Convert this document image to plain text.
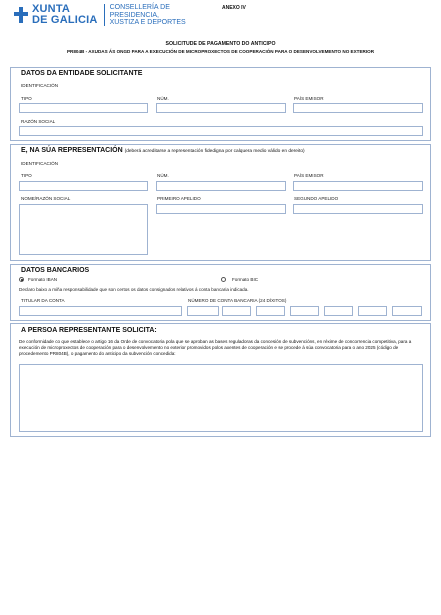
XUNTA
DE GALICIA
CONSELLERÍA DE
PRESIDENCIA,
XUSTIZA E DEPORTES
ANEXO IV
SOLICITUDE DE PAGAMENTO DO ANTICIPO
PR804B - AXUDAS ÁS ONGD PARA A EXECUCIÓN DE MICROPROXECTOS DE COOPERACIÓN PARA O DESENVOLVEMENTO NO EXTERIOR
DATOS DA ENTIDADE SOLICITANTE
IDENTIFICACIÓN
TIPO	NÚM.	PAÍS EMISOR
RAZÓN SOCIAL
E, NA SÚA REPRESENTACIÓN (deberá acreditarse a representación fidedigna por calquera medio válido en dereito)
IDENTIFICACIÓN
TIPO	NÚM.	PAÍS EMISOR
NOME/RAZÓN SOCIAL	PRIMEIRO APELIDO	SEGUNDO APELIDO
DATOS BANCARIOS
Formato IBAN	Formato BIC
Declaro baixo a miña responsabilidade que son certos os datos consignados relativos á conta bancaria indicada.
TITULAR DA CONTA	NÚMERO DE CONTA BANCARIA (24 DÍXITOS)
A PERSOA REPRESENTANTE SOLICITA:
De conformidade co que establece o artigo 16 da Orde de convocatoria pola que se aproban as bases reguladoras da concesión de subvencións, en réxime de concorrencia competitiva, para a execución de microproxectos de cooperación para o desenvolvemento no exterior promovidos polos axentes de cooperación e se procede á súa convocatoria para o ano 2025 (código de procedemento PR804B), o pagamento do anticipo da subvención concedida:
